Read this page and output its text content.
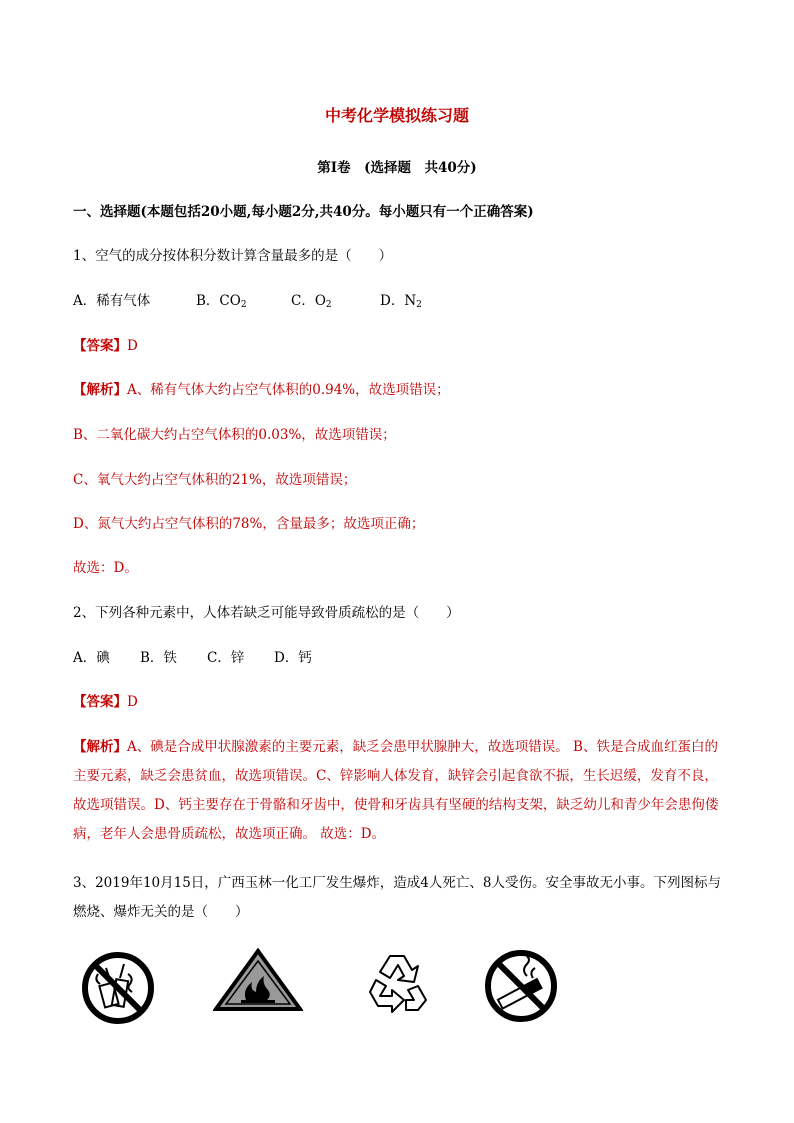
中考化学模拟练习题
第Ⅰ卷　(选择题　共40分)
一、选择题(本题包括20小题,每小题2分,共40分。每小题只有一个正确答案)
1、空气的成分按体积分数计算含量最多的是（　　）
A．稀有气体	B．$CO_2$	C．$O_2$	D．$N_2$
【答案】D
【解析】A、稀有气体大约占空气体积的0.94%，故选项错误；
B、二氧化碳大约占空气体积的0.03%，故选项错误；
C、氧气大约占空气体积的21%，故选项错误；
D、氮气大约占空气体积的78%，含量最多；故选项正确；
故选：D。
2、下列各种元素中，人体若缺乏可能导致骨质疏松的是（　　）
A．碘 B．铁 C．锌 D．钙
【答案】D
【解析】A、碘是合成甲状腺激素的主要元素，缺乏会患甲状腺肿大，故选项错误。 B、铁是合成血红蛋白的主要元素，缺乏会患贫血，故选项错误。C、锌影响人体发育，缺锌会引起食欲不振，生长迟缓，发育不良，故选项错误。D、钙主要存在于骨骼和牙齿中，使骨和牙齿具有坚硬的结构支架，缺乏幼儿和青少年会患佝偻病，老年人会患骨质疏松，故选项正确。 故选：D。
3、2019年10月15日，广西玉林一化工厂发生爆炸，造成4人死亡、8人受伤。安全事故无小事。下列图标与燃烧、爆炸无关的是（　　）
